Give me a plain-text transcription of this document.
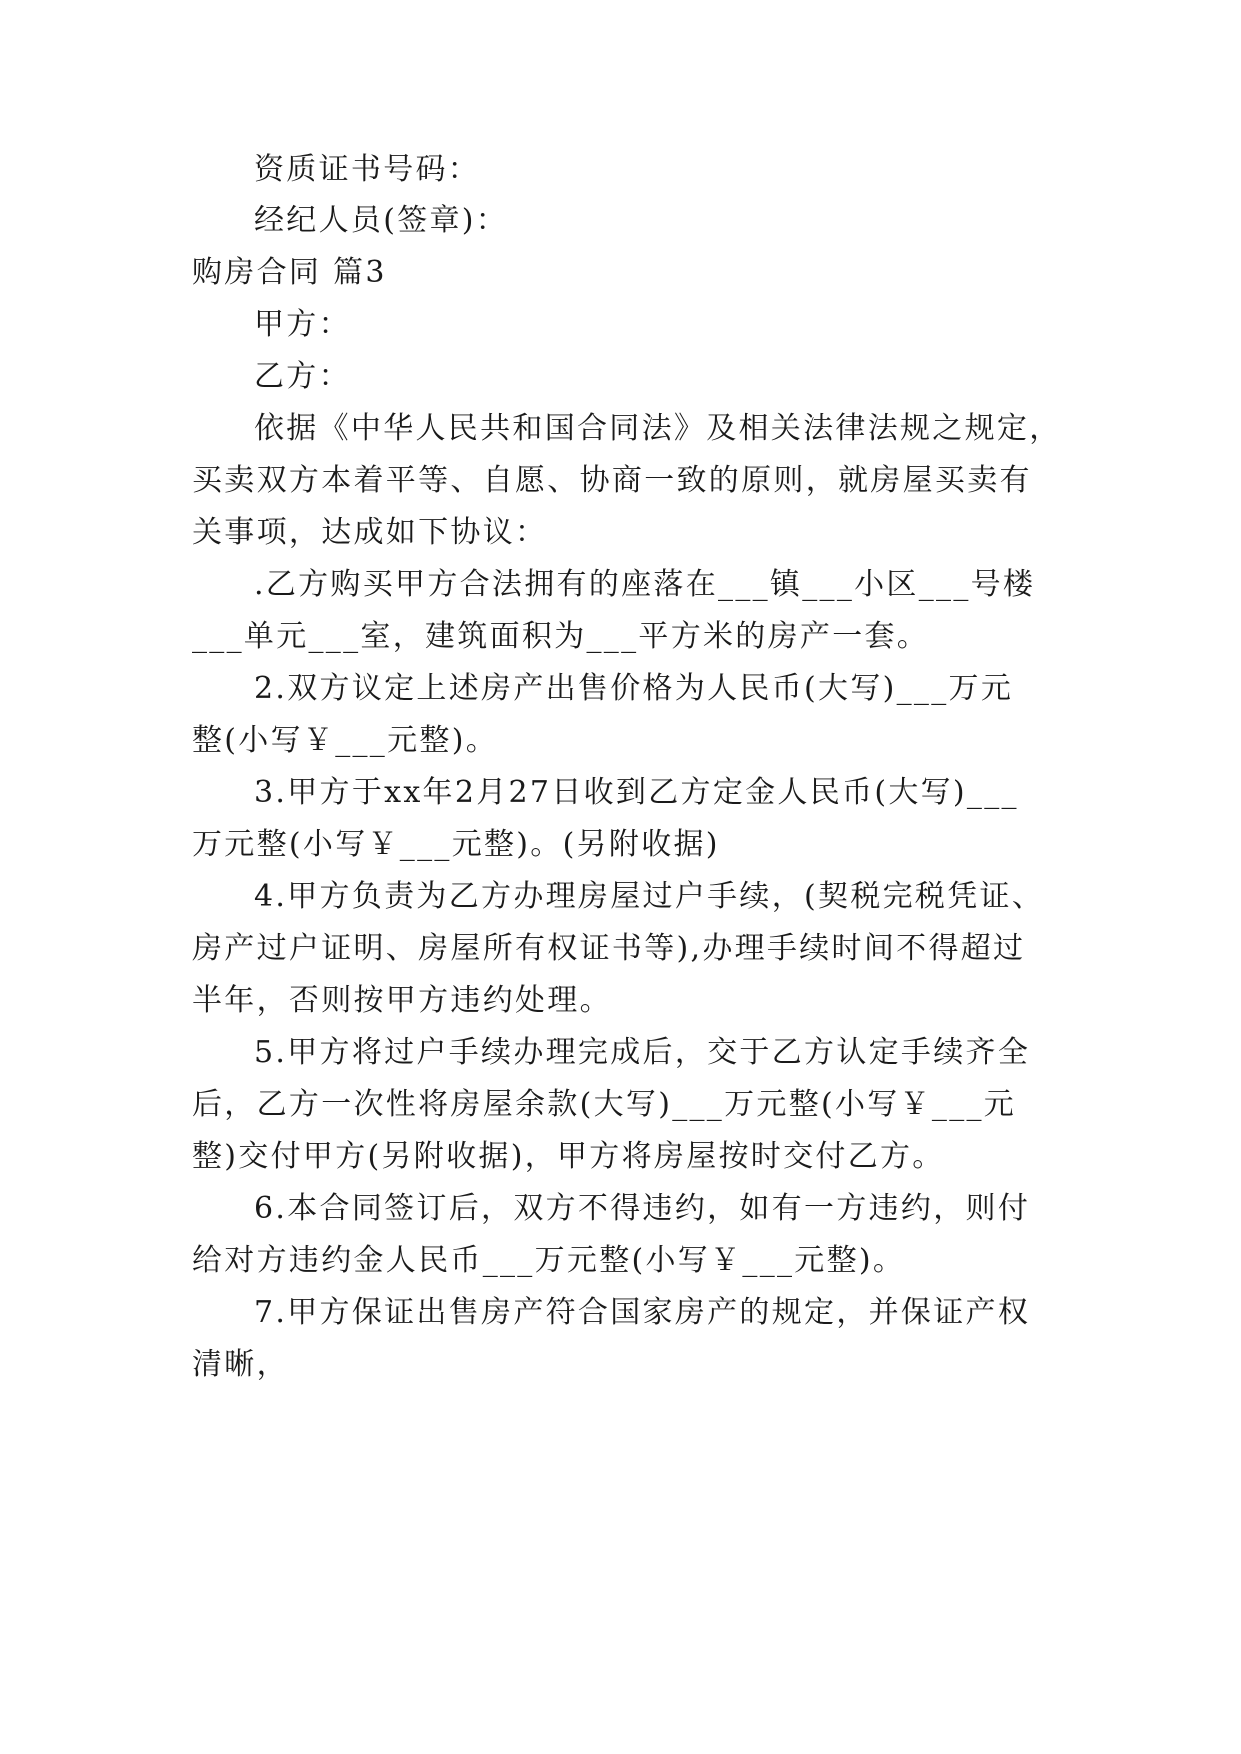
资质证书号码：
经纪人员(签章)：
购房合同 篇3
甲方：
乙方：
依据《中华人民共和国合同法》及相关法律法规之规定，
买卖双方本着平等、自愿、协商一致的原则，就房屋买卖有
关事项，达成如下协议：
.乙方购买甲方合法拥有的座落在___镇___小区___号楼
___单元___室，建筑面积为___平方米的房产一套。
2.双方议定上述房产出售价格为人民币(大写)___万元
整(小写￥___元整)。
3.甲方于xx年2月27日收到乙方定金人民币(大写)___
万元整(小写￥___元整)。(另附收据)
4.甲方负责为乙方办理房屋过户手续，(契税完税凭证、
房产过户证明、房屋所有权证书等),办理手续时间不得超过
半年，否则按甲方违约处理。
5.甲方将过户手续办理完成后，交于乙方认定手续齐全
后，乙方一次性将房屋余款(大写)___万元整(小写￥___元
整)交付甲方(另附收据)，甲方将房屋按时交付乙方。
6.本合同签订后，双方不得违约，如有一方违约，则付
给对方违约金人民币___万元整(小写￥___元整)。
7.甲方保证出售房产符合国家房产的规定，并保证产权
清晰，
